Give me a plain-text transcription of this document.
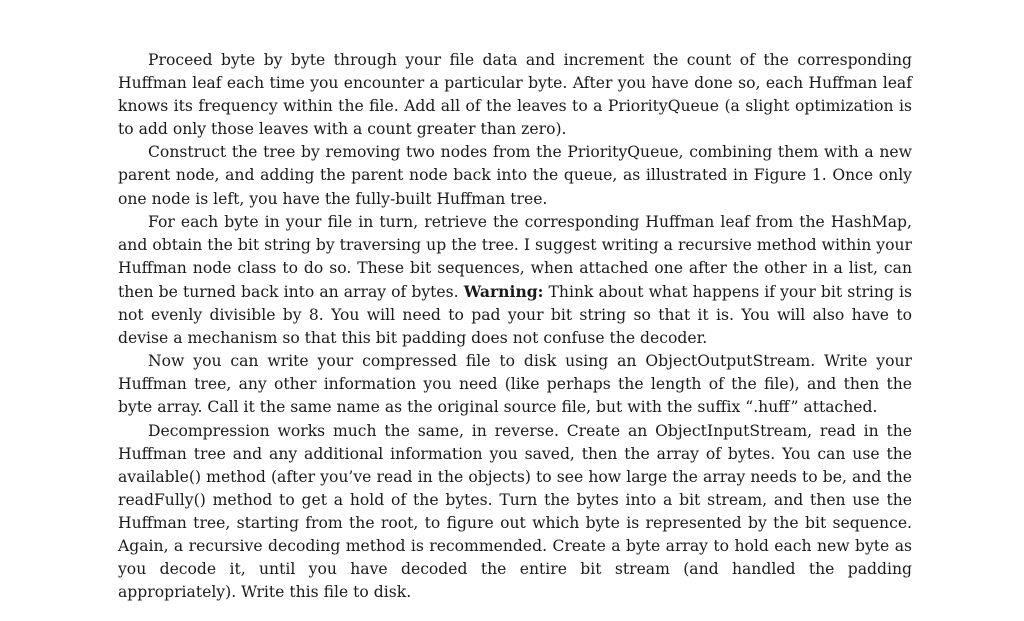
Proceed byte by byte through your file data and increment the count of the corresponding Huffman leaf each time you encounter a particular byte. After you have done so, each Huffman leaf knows its frequency within the file. Add all of the leaves to a PriorityQueue (a slight optimization is to add only those leaves with a count greater than zero).

Construct the tree by removing two nodes from the PriorityQueue, combining them with a new parent node, and adding the parent node back into the queue, as illustrated in Figure 1. Once only one node is left, you have the fully-built Huffman tree.

For each byte in your file in turn, retrieve the corresponding Huffman leaf from the HashMap, and obtain the bit string by traversing up the tree. I suggest writing a recursive method within your Huffman node class to do so. These bit sequences, when attached one after the other in a list, can then be turned back into an array of bytes. Warning: Think about what happens if your bit string is not evenly divisible by 8. You will need to pad your bit string so that it is. You will also have to devise a mechanism so that this bit padding does not confuse the decoder.

Now you can write your compressed file to disk using an ObjectOutputStream. Write your Huffman tree, any other information you need (like perhaps the length of the file), and then the byte array. Call it the same name as the original source file, but with the suffix “.huff” attached.

Decompression works much the same, in reverse. Create an ObjectInputStream, read in the Huffman tree and any additional information you saved, then the array of bytes. You can use the available() method (after you’ve read in the objects) to see how large the array needs to be, and the readFully() method to get a hold of the bytes. Turn the bytes into a bit stream, and then use the Huffman tree, starting from the root, to figure out which byte is represented by the bit sequence. Again, a recursive decoding method is recommended. Create a byte array to hold each new byte as you decode it, until you have decoded the entire bit stream (and handled the padding appropriately). Write this file to disk.
